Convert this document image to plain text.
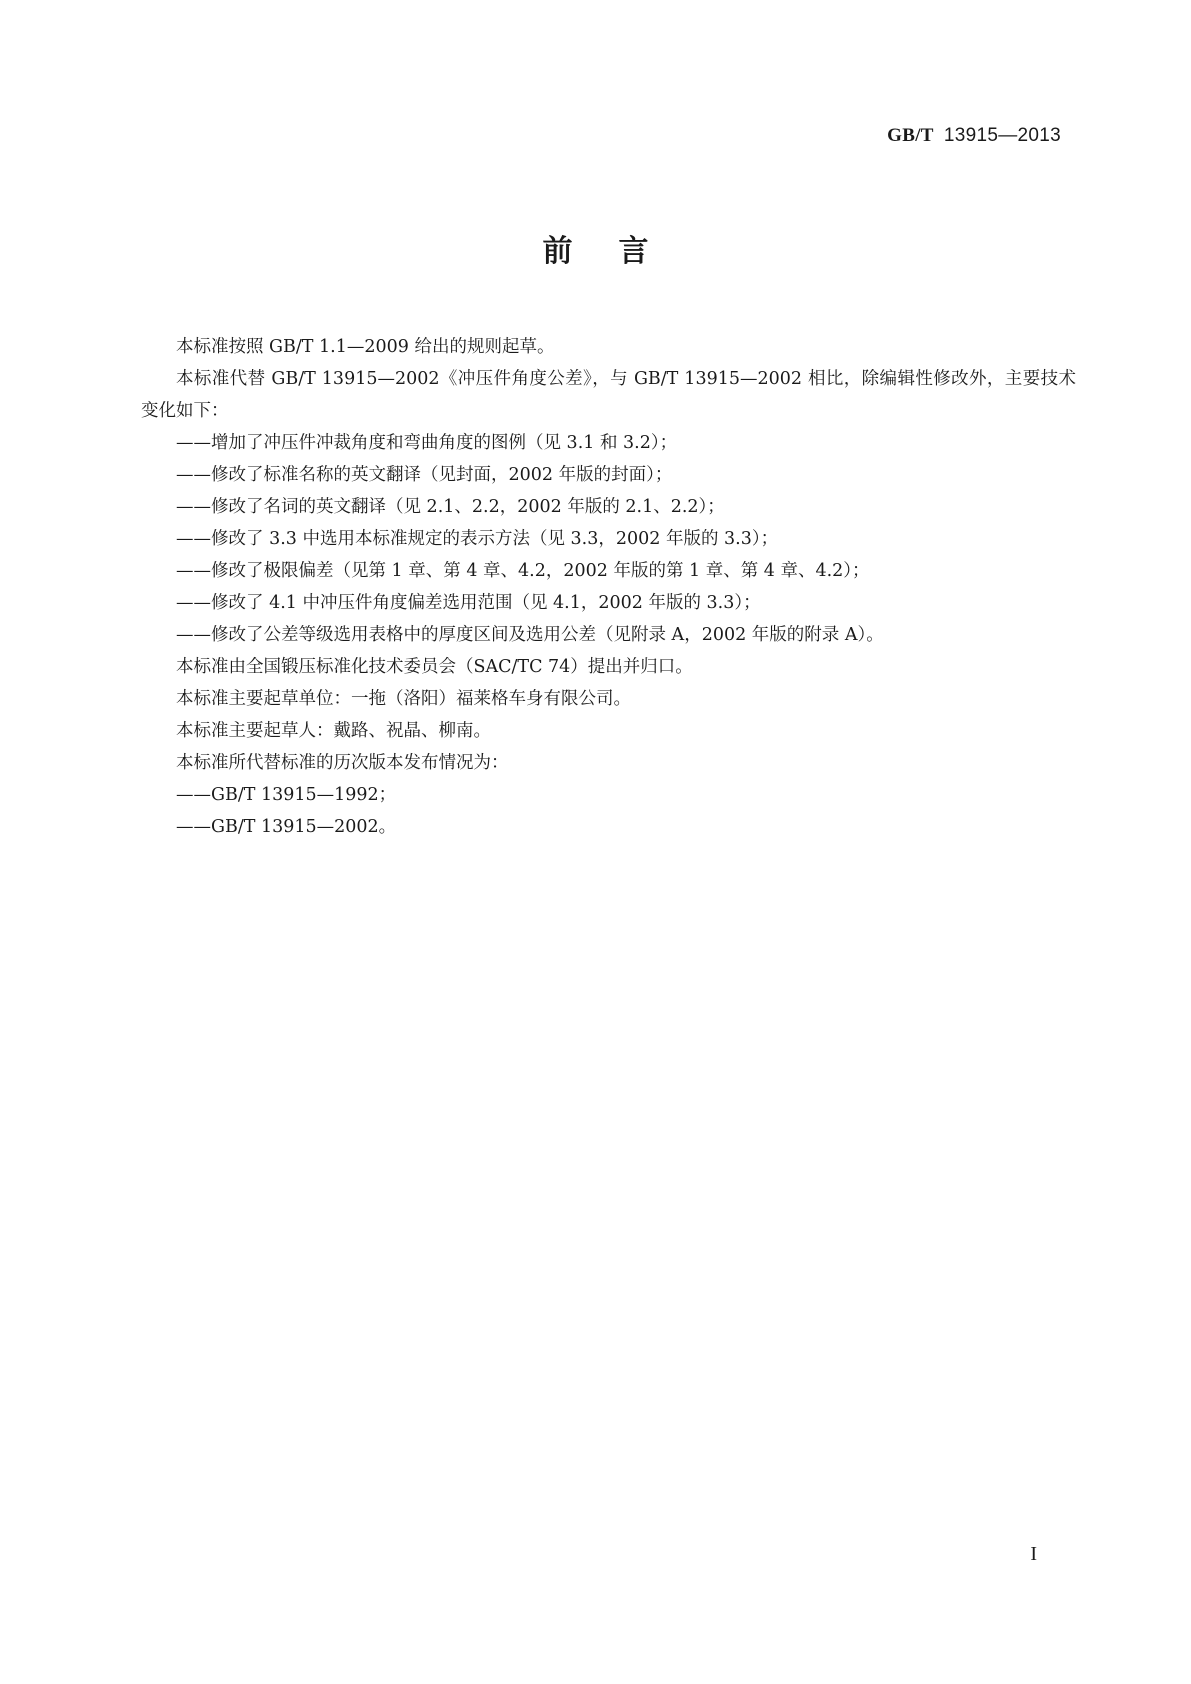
GB/T 13915—2013
前言

本标准按照 GB/T 1.1—2009 给出的规则起草。

本标准代替 GB/T 13915—2002《冲压件角度公差》，与 GB/T 13915—2002 相比，除编辑性修改外，主要技术变化如下：

——增加了冲压件冲裁角度和弯曲角度的图例（见 3.1 和 3.2）；

——修改了标准名称的英文翻译（见封面，2002 年版的封面）；

——修改了名词的英文翻译（见 2.1、2.2，2002 年版的 2.1、2.2）；

——修改了 3.3 中选用本标准规定的表示方法（见 3.3，2002 年版的 3.3）；

——修改了极限偏差（见第 1 章、第 4 章、4.2，2002 年版的第 1 章、第 4 章、4.2）；

——修改了 4.1 中冲压件角度偏差选用范围（见 4.1，2002 年版的 3.3）；

——修改了公差等级选用表格中的厚度区间及选用公差（见附录 A，2002 年版的附录 A）。

本标准由全国锻压标准化技术委员会（SAC/TC 74）提出并归口。

本标准主要起草单位：一拖（洛阳）福莱格车身有限公司。

本标准主要起草人：戴路、祝晶、柳南。

本标准所代替标准的历次版本发布情况为：

——GB/T 13915—1992；

——GB/T 13915—2002。

I
